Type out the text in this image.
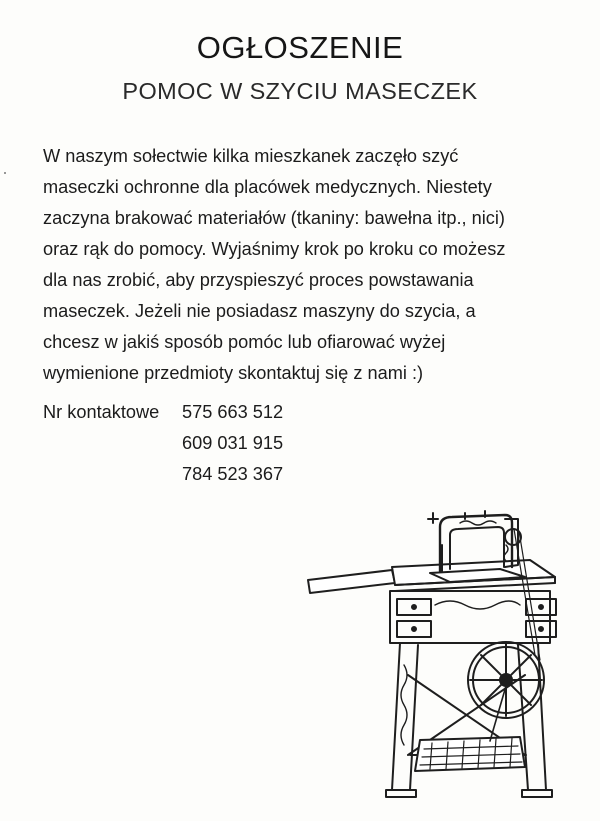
OGŁOSZENIE
POMOC W SZYCIU MASECZEK
W naszym sołectwie kilka mieszkanek zaczęło szyć
maseczki ochronne dla placówek medycznych. Niestety
zaczyna brakować materiałów (tkaniny: bawełna itp., nici)
oraz rąk do pomocy. Wyjaśnimy krok po kroku co możesz
dla nas zrobić, aby przyspieszyć proces powstawania
maseczek. Jeżeli nie posiadasz maszyny do szycia, a
chcesz w jakiś sposób pomóc lub ofiarować wyżej
wymienione przedmioty skontaktuj się z nami :)
Nr kontaktowe	575 663 512
609 031 915
784 523 367
